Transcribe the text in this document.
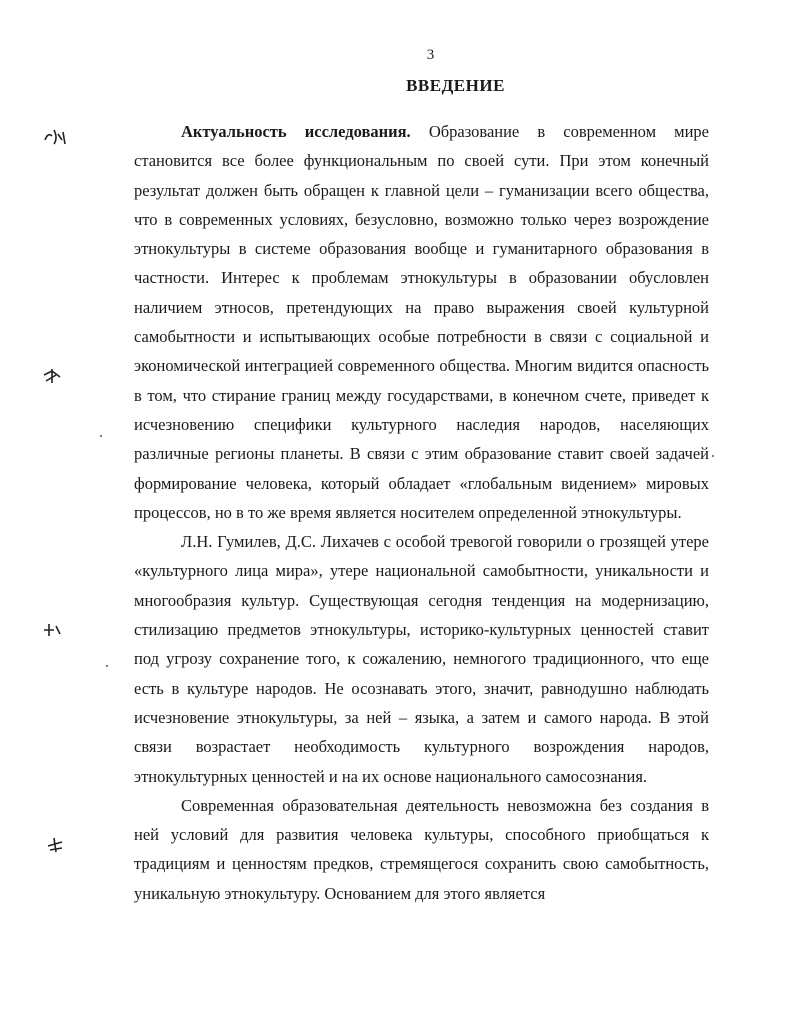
3
ВВЕДЕНИЕ

Актуальность исследования. Образование в современном мире становится все более функциональным по своей сути. При этом конечный результат должен быть обращен к главной цели – гуманизации всего общества, что в современных условиях, безусловно, возможно только через возрождение этнокультуры в системе образования вообще и гуманитарного образования в частности. Интерес к проблемам этнокультуры в образовании обусловлен наличием этносов, претендующих на право выражения своей культурной самобытности и испытывающих особые потребности в связи с социальной и экономической интеграцией современного общества. Многим видится опасность в том, что стирание границ между государствами, в конечном счете, приведет к исчезновению специфики культурного наследия народов, населяющих различные регионы планеты. В связи с этим образование ставит своей задачей формирование человека, который обладает «глобальным видением» мировых процессов, но в то же время является носителем определенной этнокультуры.

Л.Н. Гумилев, Д.С. Лихачев с особой тревогой говорили о грозящей утере «культурного лица мира», утере национальной самобытности, уникальности и многообразия культур. Существующая сегодня тенденция на модернизацию, стилизацию предметов этнокультуры, историко-культурных ценностей ставит под угрозу сохранение того, к сожалению, немногого традиционного, что еще есть в культуре народов. Не осознавать этого, значит, равнодушно наблюдать исчезновение этнокультуры, за ней – языка, а затем и самого народа. В этой связи возрастает необходимость культурного возрождения народов, этнокультурных ценностей и на их основе национального самосознания.

Современная образовательная деятельность невозможна без создания в ней условий для развития человека культуры, способного приобщаться к традициям и ценностям предков, стремящегося сохранить свою самобытность, уникальную этнокультуру. Основанием для этого является
